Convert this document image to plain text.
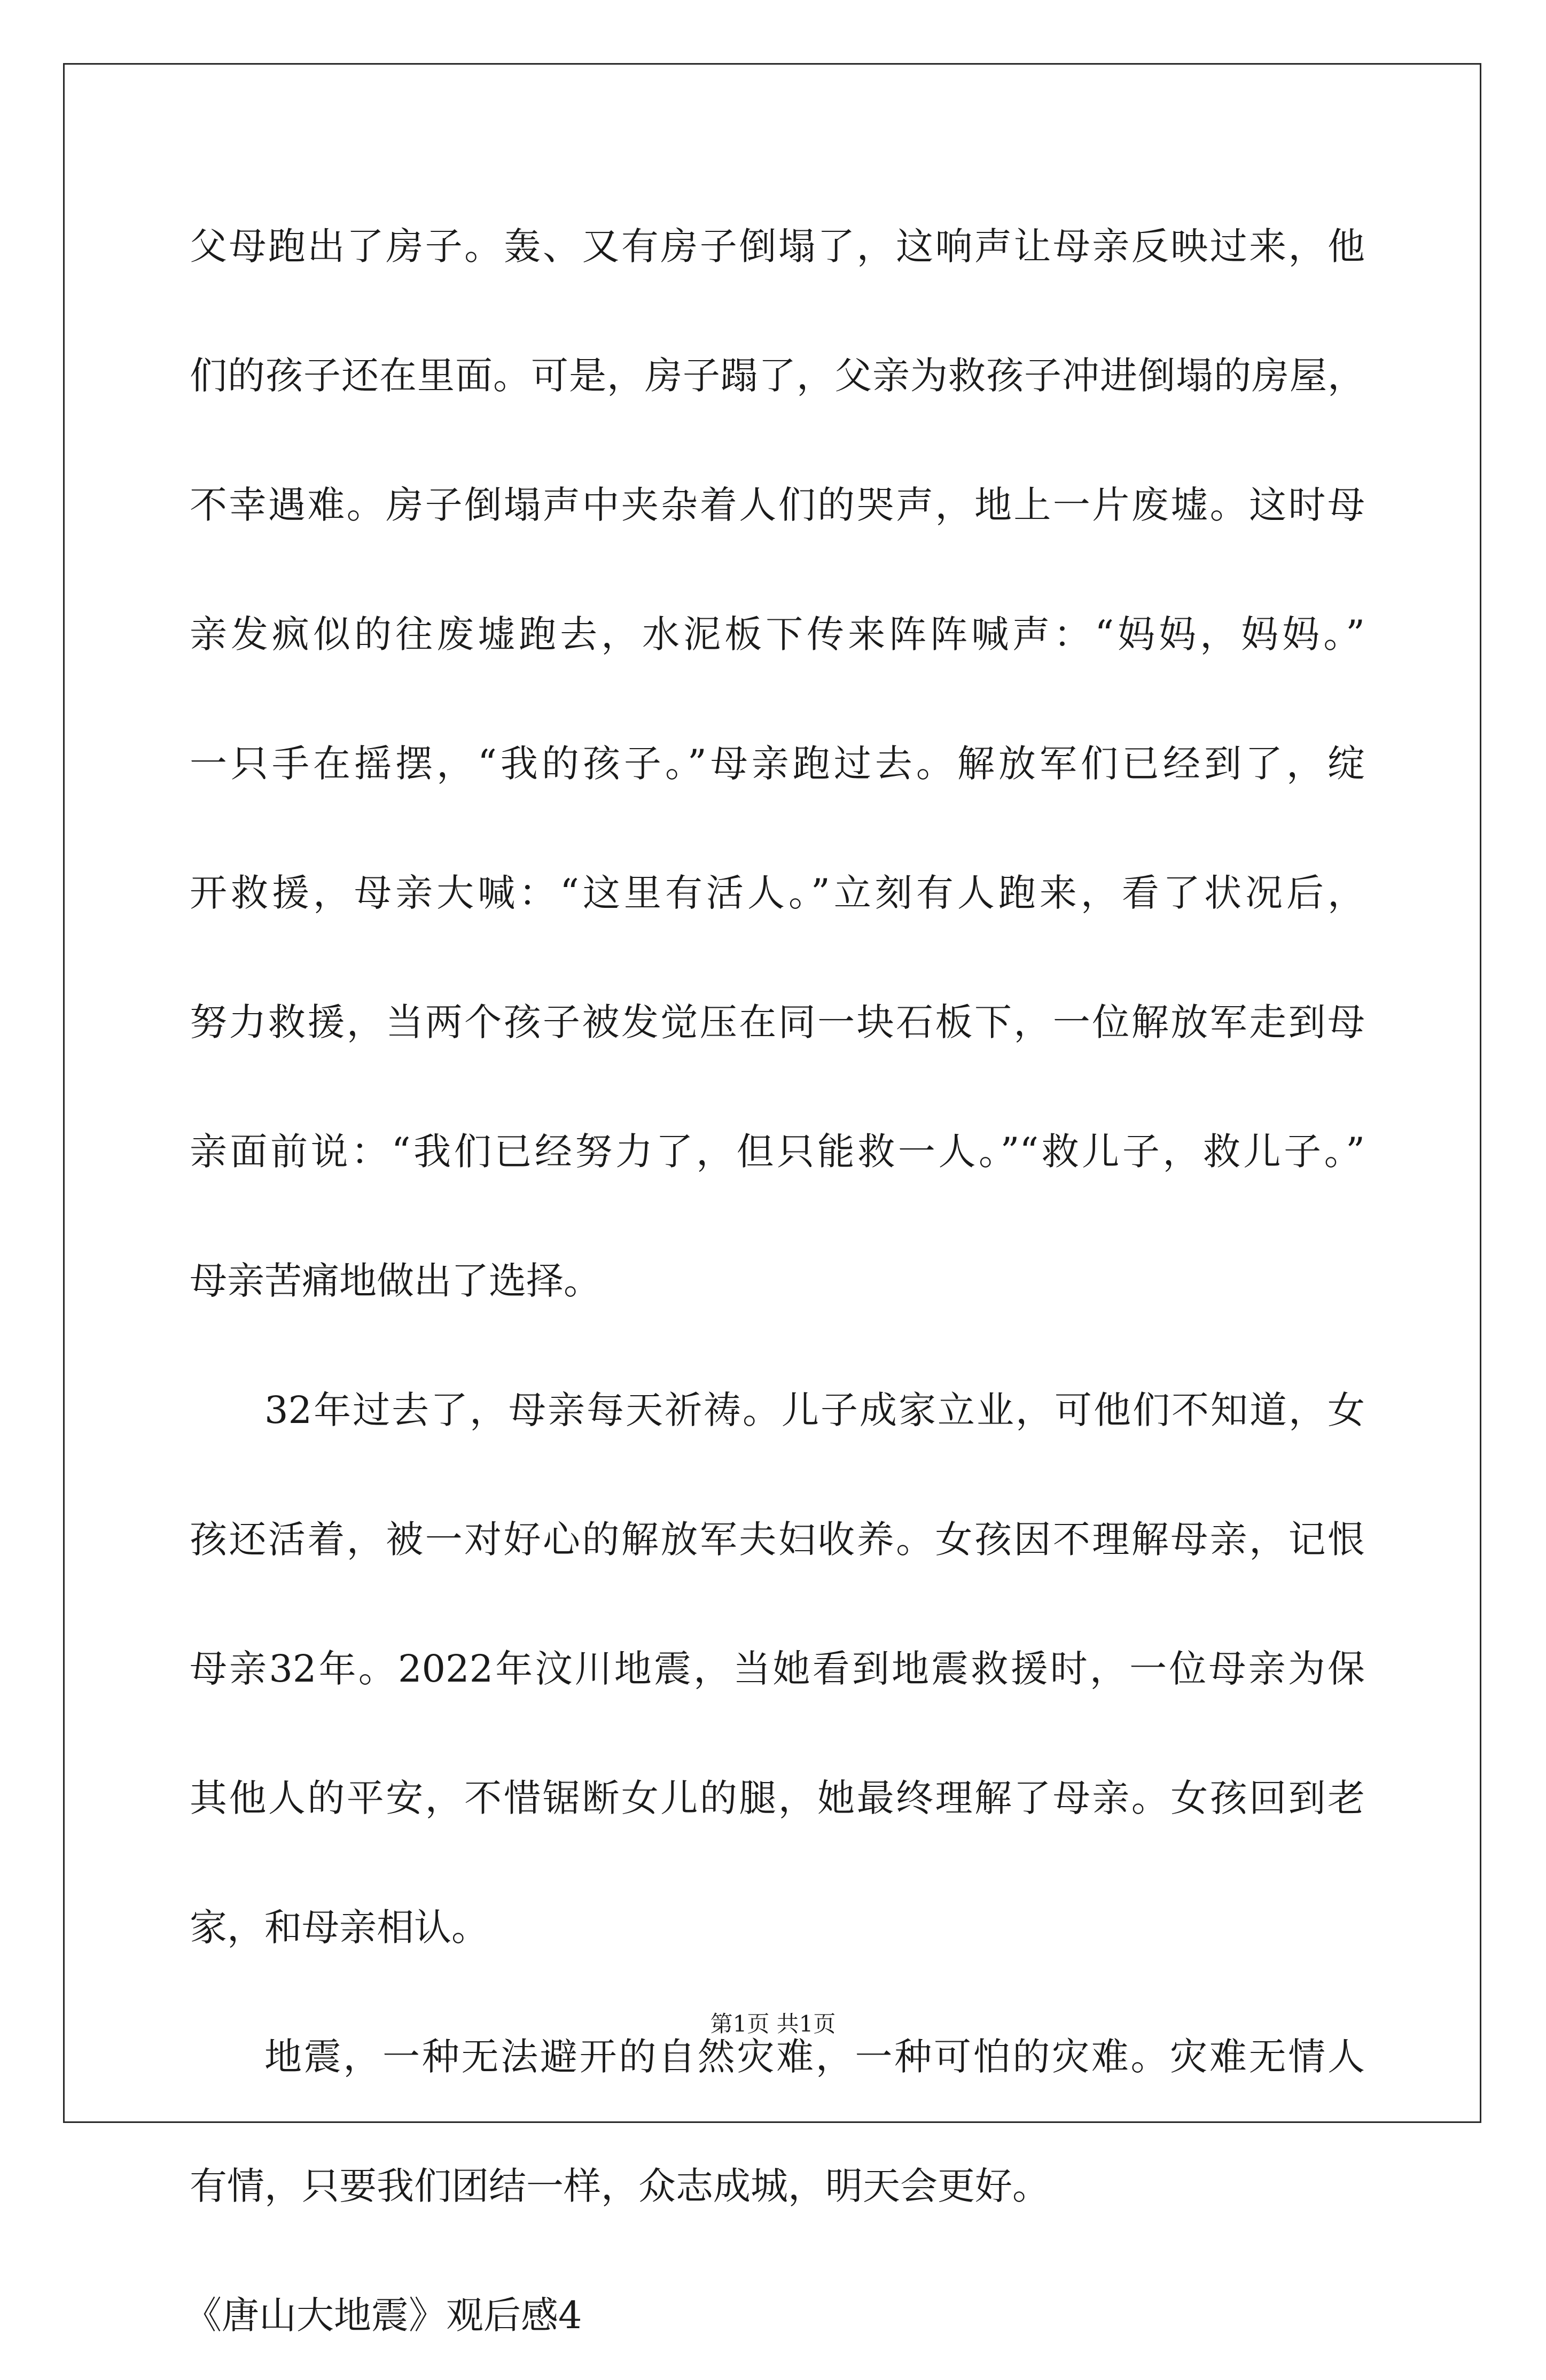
父母跑出了房子。轰、又有房子倒塌了，这响声让母亲反映过来，他
们的孩子还在里面。可是，房子蹋了，父亲为救孩子冲进倒塌的房屋，
不幸遇难。房子倒塌声中夹杂着人们的哭声，地上一片废墟。这时母
亲发疯似的往废墟跑去，水泥板下传来阵阵喊声：“妈妈，妈妈。”
一只手在摇摆，“我的孩子。”母亲跑过去。解放军们已经到了，绽
开救援，母亲大喊：“这里有活人。”立刻有人跑来，看了状况后，
努力救援，当两个孩子被发觉压在同一块石板下，一位解放军走到母
亲面前说：“我们已经努力了，但只能救一人。”“救儿子，救儿子。”
母亲苦痛地做出了选择。
32年过去了，母亲每天祈祷。儿子成家立业，可他们不知道，女
孩还活着，被一对好心的解放军夫妇收养。女孩因不理解母亲，记恨
母亲32年。2022年汶川地震，当她看到地震救援时，一位母亲为保
其他人的平安，不惜锯断女儿的腿，她最终理解了母亲。女孩回到老
家，和母亲相认。
地震，一种无法避开的自然灾难，一种可怕的灾难。灾难无情人
有情，只要我们团结一样，众志成城，明天会更好。
《唐山大地震》观后感4
第1页 共1页
